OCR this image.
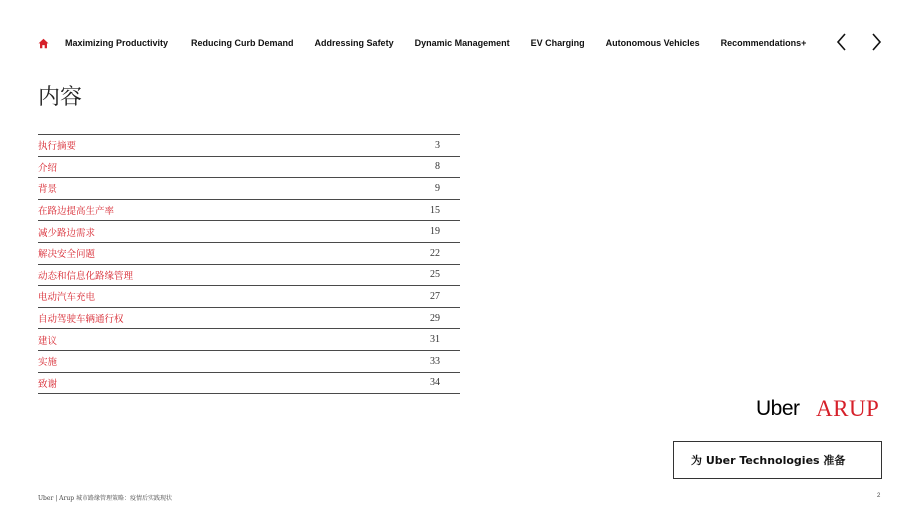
Maximizing Productivity	Reducing Curb Demand Addressing Safety Dynamic Management EV Charging Autonomous Vehicles Recommendations+
内容
执行摘要	3
介绍	8
背景	9
在路边提高生产率	15
减少路边需求	19
解决安全问题	22
动态和信息化路缘管理	25
电动汽车充电	27
自动驾驶车辆通行权	29
建议	31
实施	33
致谢	34
Uber ARUP
为 Uber Technologies 准备
Uber | Arup 城市路缘管理策略：疫情后实践现状	2
